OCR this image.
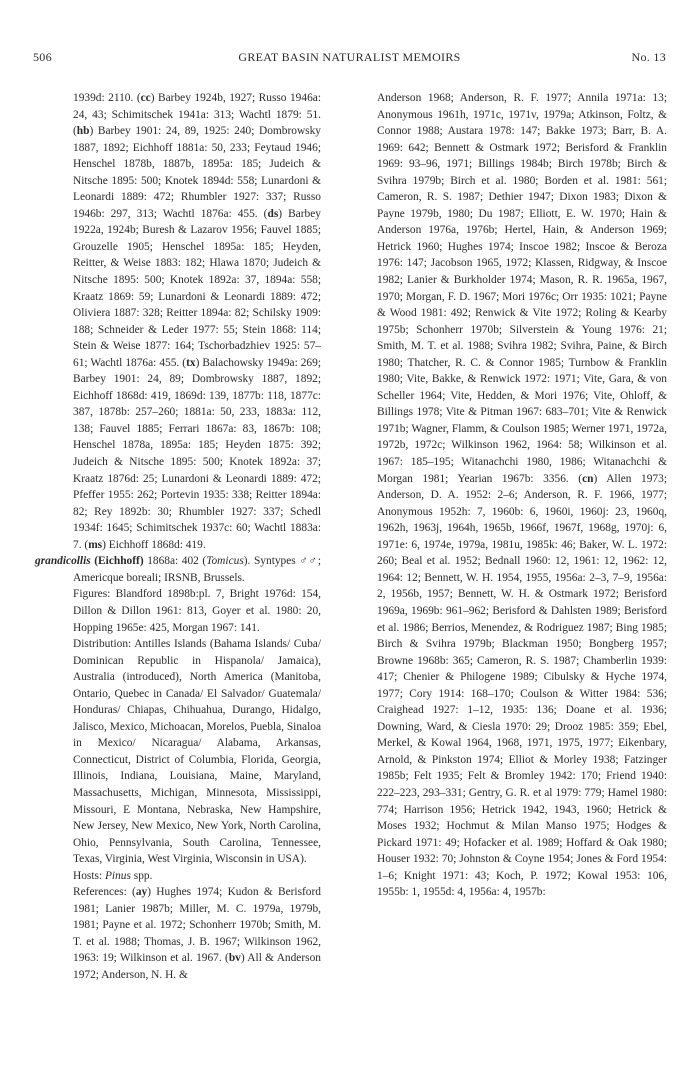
506	GREAT BASIN NATURALIST MEMOIRS	No. 13

1939d: 2110. (cc) Barbey 1924b, 1927; Russo 1946a: 24, 43; Schimitschek 1941a: 313; Wachtl 1879: 51. (hb) Barbey 1901: 24, 89, 1925: 240; Dombrowsky 1887, 1892; Eichhoff 1881a: 50, 233; Feytaud 1946; Henschel 1878b, 1887b, 1895a: 185; Judeich & Nitsche 1895: 500; Knotek 1894d: 558; Lunardoni & Leonardi 1889: 472; Rhumbler 1927: 337; Russo 1946b: 297, 313; Wachtl 1876a: 455. (ds) Barbey 1922a, 1924b; Buresh & Lazarov 1956; Fauvel 1885; Grouzelle 1905; Henschel 1895a: 185; Heyden, Reitter, & Weise 1883: 182; Hlawa 1870; Judeich & Nitsche 1895: 500; Knotek 1892a: 37, 1894a: 558; Kraatz 1869: 59; Lunardoni & Leonardi 1889: 472; Oliviera 1887: 328; Reitter 1894a: 82; Schilsky 1909: 188; Schneider & Leder 1977: 55; Stein 1868: 114; Stein & Weise 1877: 164; Tschorbadzhiev 1925: 57–61; Wachtl 1876a: 455. (tx) Balachowsky 1949a: 269; Barbey 1901: 24, 89; Dombrowsky 1887, 1892; Eichhoff 1868d: 419, 1869d: 139, 1877b: 118, 1877c: 387, 1878b: 257–260; 1881a: 50, 233, 1883a: 112, 138; Fauvel 1885; Ferrari 1867a: 83, 1867b: 108; Henschel 1878a, 1895a: 185; Heyden 1875: 392; Judeich & Nitsche 1895: 500; Knotek 1892a: 37; Kraatz 1876d: 25; Lunardoni & Leonardi 1889: 472; Pfeffer 1955: 262; Portevin 1935: 338; Reitter 1894a: 82; Rey 1892b: 30; Rhumbler 1927: 337; Schedl 1934f: 1645; Schimitschek 1937c: 60; Wachtl 1883a: 7. (ms) Eichhoff 1868d: 419.

grandicollis (Eichhoff) 1868a: 402 (Tomicus). Syntypes ♂♂; Americque boreali; IRSNB, Brussels.

Figures: Blandford 1898b:pl. 7, Bright 1976d: 154, Dillon & Dillon 1961: 813, Goyer et al. 1980: 20, Hopping 1965e: 425, Morgan 1967: 141.

Distribution: Antilles Islands (Bahama Islands/ Cuba/ Dominican Republic in Hispanola/ Jamaica), Australia (introduced), North America (Manitoba, Ontario, Quebec in Canada/ El Salvador/ Guatemala/ Honduras/ Chiapas, Chihuahua, Durango, Hidalgo, Jalisco, Mexico, Michoacan, Morelos, Puebla, Sinaloa in Mexico/ Nicaragua/ Alabama, Arkansas, Connecticut, District of Columbia, Florida, Georgia, Illinois, Indiana, Louisiana, Maine, Maryland, Massachusetts, Michigan, Minnesota, Mississippi, Missouri, E Montana, Nebraska, New Hampshire, New Jersey, New Mexico, New York, North Carolina, Ohio, Pennsylvania, South Carolina, Tennessee, Texas, Virginia, West Virginia, Wisconsin in USA).

Hosts: Pinus spp.

References: (ay) Hughes 1974; Kudon & Berisford 1981; Lanier 1987b; Miller, M. C. 1979a, 1979b, 1981; Payne et al. 1972; Schonherr 1970b; Smith, M. T. et al. 1988; Thomas, J. B. 1967; Wilkinson 1962, 1963: 19; Wilkinson et al. 1967. (bv) All & Anderson 1972; Anderson, N. H. &

Anderson 1968; Anderson, R. F. 1977; Annila 1971a: 13; Anonymous 1961h, 1971c, 1971v, 1979a; Atkinson, Foltz, & Connor 1988; Austara 1978: 147; Bakke 1973; Barr, B. A. 1969: 642; Bennett & Ostmark 1972; Berisford & Franklin 1969: 93–96, 1971; Billings 1984b; Birch 1978b; Birch & Svihra 1979b; Birch et al. 1980; Borden et al. 1981: 561; Cameron, R. S. 1987; Dethier 1947; Dixon 1983; Dixon & Payne 1979b, 1980; Du 1987; Elliott, E. W. 1970; Hain & Anderson 1976a, 1976b; Hertel, Hain, & Anderson 1969; Hetrick 1960; Hughes 1974; Inscoe 1982; Inscoe & Beroza 1976: 147; Jacobson 1965, 1972; Klassen, Ridgway, & Inscoe 1982; Lanier & Burkholder 1974; Mason, R. R. 1965a, 1967, 1970; Morgan, F. D. 1967; Mori 1976c; Orr 1935: 1021; Payne & Wood 1981: 492; Renwick & Vite 1972; Roling & Kearby 1975b; Schonherr 1970b; Silverstein & Young 1976: 21; Smith, M. T. et al. 1988; Svihra 1982; Svihra, Paine, & Birch 1980; Thatcher, R. C. & Connor 1985; Turnbow & Franklin 1980; Vite, Bakke, & Renwick 1972: 1971; Vite, Gara, & von Scheller 1964; Vite, Hedden, & Mori 1976; Vite, Ohloff, & Billings 1978; Vite & Pitman 1967: 683–701; Vite & Renwick 1971b; Wagner, Flamm, & Coulson 1985; Werner 1971, 1972a, 1972b, 1972c; Wilkinson 1962, 1964: 58; Wilkinson et al. 1967: 185–195; Witanachchi 1980, 1986; Witanachchi & Morgan 1981; Yearian 1967b: 3356. (cn) Allen 1973; Anderson, D. A. 1952: 2–6; Anderson, R. F. 1966, 1977; Anonymous 1952h: 7, 1960b: 6, 1960i, 1960j: 23, 1960q, 1962h, 1963j, 1964h, 1965b, 1966f, 1967f, 1968g, 1970j: 6, 1971e: 6, 1974e, 1979a, 1981u, 1985k: 46; Baker, W. L. 1972: 260; Beal et al. 1952; Bednall 1960: 12, 1961: 12, 1962: 12, 1964: 12; Bennett, W. H. 1954, 1955, 1956a: 2–3, 7–9, 1956a: 2, 1956b, 1957; Bennett, W. H. & Ostmark 1972; Berisford 1969a, 1969b: 961–962; Berisford & Dahlsten 1989; Berisford et al. 1986; Berrios, Menendez, & Rodriguez 1987; Bing 1985; Birch & Svihra 1979b; Blackman 1950; Bongberg 1957; Browne 1968b: 365; Cameron, R. S. 1987; Chamberlin 1939: 417; Chenier & Philogene 1989; Cibulsky & Hyche 1974, 1977; Cory 1914: 168–170; Coulson & Witter 1984: 536; Craighead 1927: 1–12, 1935: 136; Doane et al. 1936; Downing, Ward, & Ciesla 1970: 29; Drooz 1985: 359; Ebel, Merkel, & Kowal 1964, 1968, 1971, 1975, 1977; Eikenbary, Arnold, & Pinkston 1974; Elliot & Morley 1938; Fatzinger 1985b; Felt 1935; Felt & Bromley 1942: 170; Friend 1940: 222–223, 293–331; Gentry, G. R. et al 1979: 779; Hamel 1980: 774; Harrison 1956; Hetrick 1942, 1943, 1960; Hetrick & Moses 1932; Hochmut & Milan Manso 1975; Hodges & Pickard 1971: 49; Hofacker et al. 1989; Hoffard & Oak 1980; Houser 1932: 70; Johnston & Coyne 1954; Jones & Ford 1954: 1–6; Knight 1971: 43; Koch, P. 1972; Kowal 1953: 106, 1955b: 1, 1955d: 4, 1956a: 4, 1957b:
